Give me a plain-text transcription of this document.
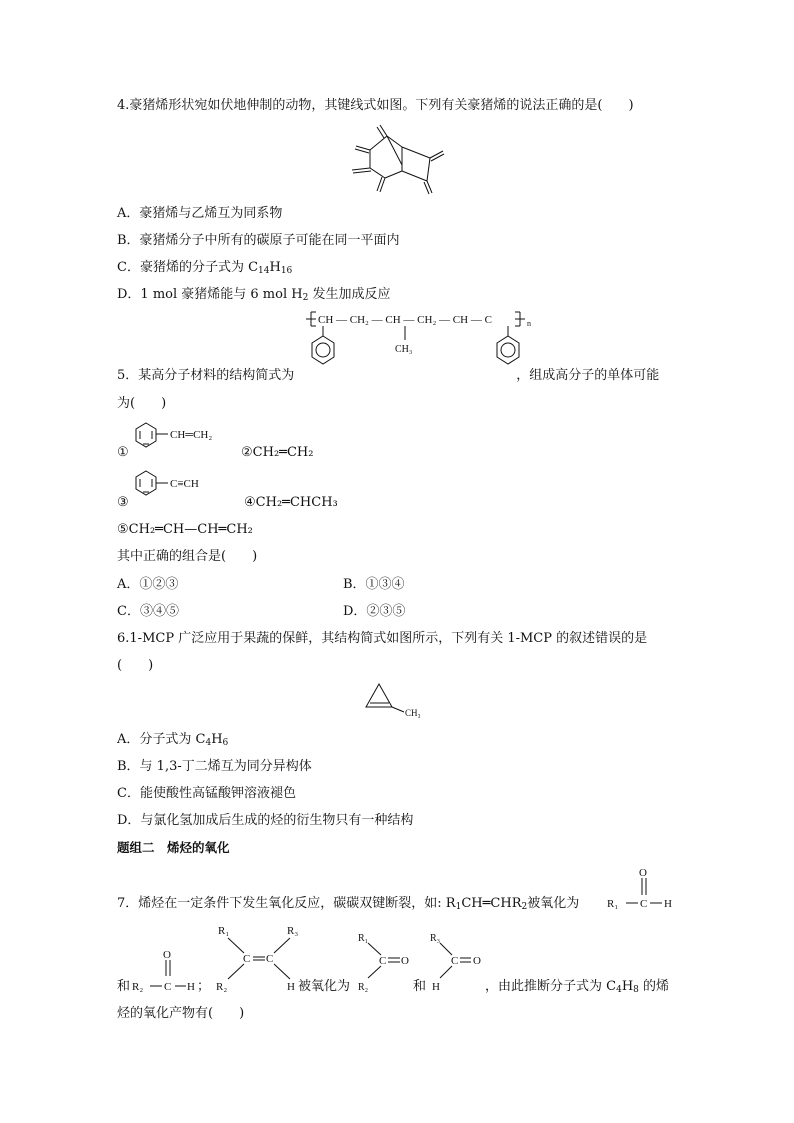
4.豪猪烯形状宛如伏地伸制的动物，其键线式如图。下列有关豪猪烯的说法正确的是(　　)
A．豪猪烯与乙烯互为同系物
B．豪猪烯分子中所有的碳原子可能在同一平面内
C．豪猪烯的分子式为 $C_{14}H_{16}$
D．1 mol 豪猪烯能与 6 mol $H_2$ 发生加成反应
CH — CH₂ — CH — CH₂ — CH — C	n
CH₃
5．某高分子材料的结构简式为	，组成高分子的单体可能
为(　　)
CH═CH₂
①	②CH₂═CH₂
C≡CH
③	④CH₂═CHCH₃
⑤CH₂═CH—CH═CH₂
其中正确的组合是(　　)
A．①②③	B．①③④
C．③④⑤	D．②③⑤
6.1-MCP 广泛应用于果蔬的保鲜，其结构简式如图所示，下列有关 1-MCP 的叙述错误的是
(　　)
CH₃
A．分子式为 $C_4H_6$
B．与 1,3-丁二烯互为同分异构体
C．能使酸性高锰酸钾溶液褪色
D．与氯化氢加成后生成的烃的衍生物只有一种结构
题组二　烯烃的氧化
O
R₁ C H
7．烯烃在一定条件下发生氧化反应，碳碳双键断裂，如: $R_1CH═CHR_2$被氧化为
和
O
R₂ C H ；
R₁	R₃
C C
R₂	H 被氧化为
R₁
C O
R₂	和
R₃
C O
H	，由此推断分子式为 $C_4H_8$ 的烯
烃的氧化产物有(　　)
